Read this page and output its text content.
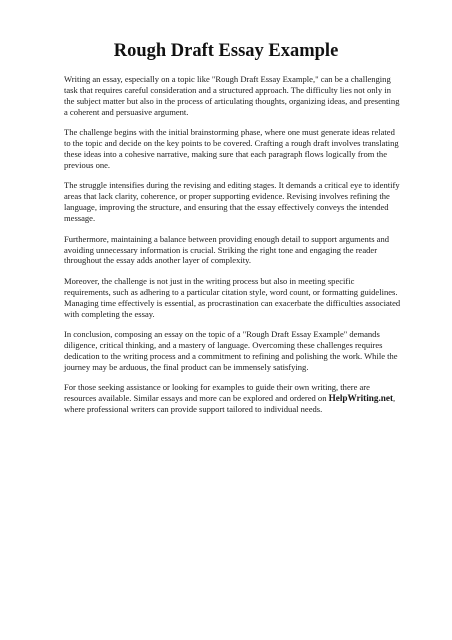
Rough Draft Essay Example

Writing an essay, especially on a topic like "Rough Draft Essay Example," can be a challenging task that requires careful consideration and a structured approach. The difficulty lies not only in the subject matter but also in the process of articulating thoughts, organizing ideas, and presenting a coherent and persuasive argument.

The challenge begins with the initial brainstorming phase, where one must generate ideas related to the topic and decide on the key points to be covered. Crafting a rough draft involves translating these ideas into a cohesive narrative, making sure that each paragraph flows logically from the previous one.

The struggle intensifies during the revising and editing stages. It demands a critical eye to identify areas that lack clarity, coherence, or proper supporting evidence. Revising involves refining the language, improving the structure, and ensuring that the essay effectively conveys the intended message.

Furthermore, maintaining a balance between providing enough detail to support arguments and avoiding unnecessary information is crucial. Striking the right tone and engaging the reader throughout the essay adds another layer of complexity.

Moreover, the challenge is not just in the writing process but also in meeting specific requirements, such as adhering to a particular citation style, word count, or formatting guidelines. Managing time effectively is essential, as procrastination can exacerbate the difficulties associated with completing the essay.

In conclusion, composing an essay on the topic of a "Rough Draft Essay Example" demands diligence, critical thinking, and a mastery of language. Overcoming these challenges requires dedication to the writing process and a commitment to refining and polishing the work. While the journey may be arduous, the final product can be immensely satisfying.

For those seeking assistance or looking for examples to guide their own writing, there are resources available. Similar essays and more can be explored and ordered on HelpWriting.net, where professional writers can provide support tailored to individual needs.
